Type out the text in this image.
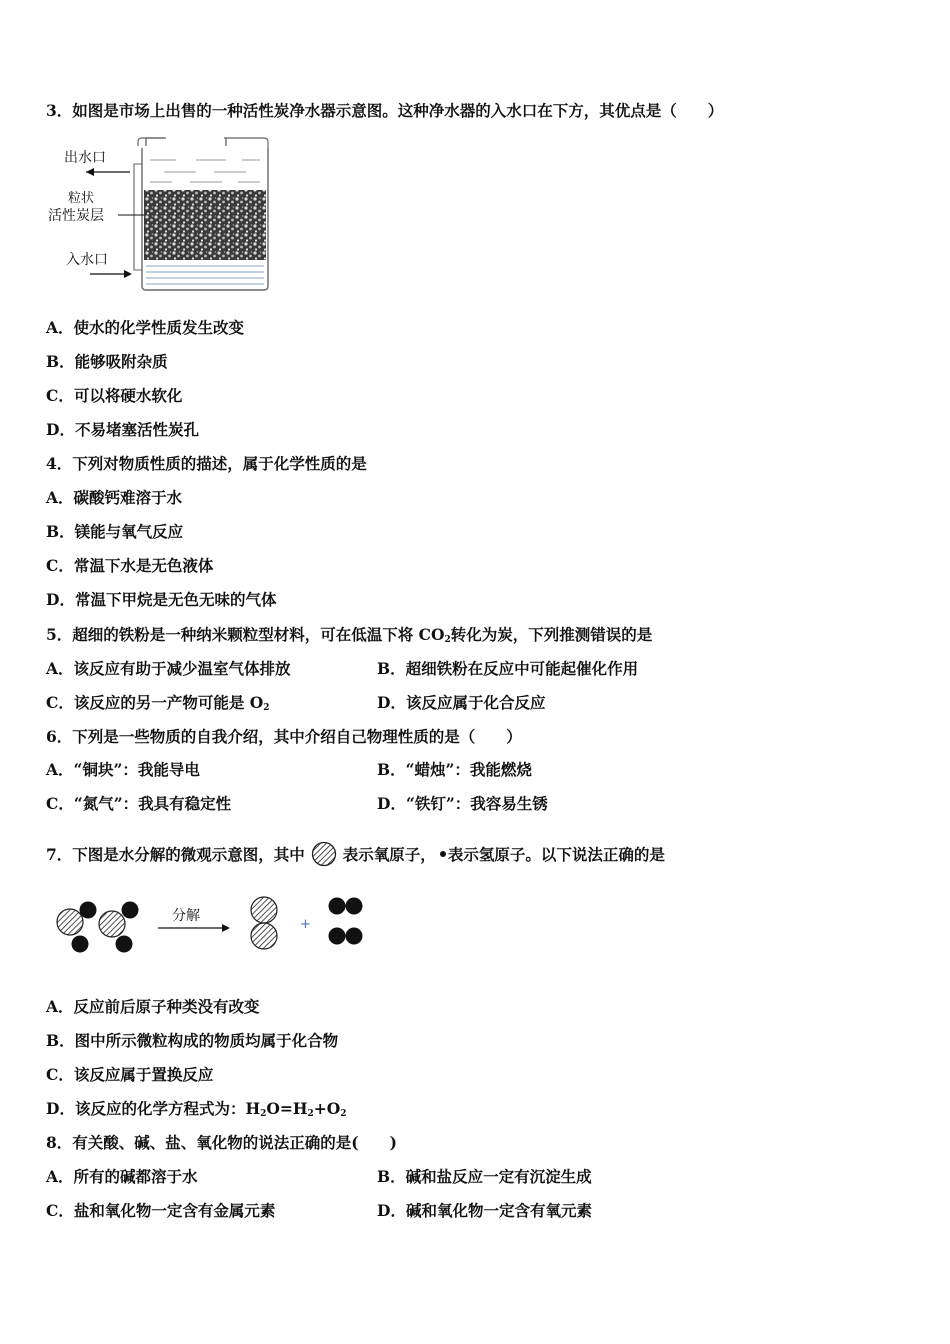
3．如图是市场上出售的一种活性炭净水器示意图。这种净水器的入水口在下方，其优点是（　　）
出水口
粒状
活性炭层
入水口
A．使水的化学性质发生改变
B．能够吸附杂质
C．可以将硬水软化
D．不易堵塞活性炭孔
4．下列对物质性质的描述，属于化学性质的是
A．碳酸钙难溶于水
B．镁能与氧气反应
C．常温下水是无色液体
D．常温下甲烷是无色无味的气体
5．超细的铁粉是一种纳米颗粒型材料，可在低温下将 $CO_2$转化为炭，下列推测错误的是
A．该反应有助于减少温室气体排放	B．超细铁粉在反应中可能起催化作用
C．该反应的另一产物可能是 $O_2$	D．该反应属于化合反应
6．下列是一些物质的自我介绍，其中介绍自己物理性质的是（　　）
A．“铜块”：我能导电	B．“蜡烛”：我能燃烧
C．“氮气”：我具有稳定性	D．“铁钉”：我容易生锈
7．下图是水分解的微观示意图，其中 表示氧原子， 表示氢原子。以下说法正确的是
分解
+
A．反应前后原子种类没有改变
B．图中所示微粒构成的物质均属于化合物
C．该反应属于置换反应
D．该反应的化学方程式为：$H_2O=H_2+O_2$
8．有关酸、碱、盐、氧化物的说法正确的是(　　)
A．所有的碱都溶于水	B．碱和盐反应一定有沉淀生成
C．盐和氧化物一定含有金属元素	D．碱和氧化物一定含有氧元素
